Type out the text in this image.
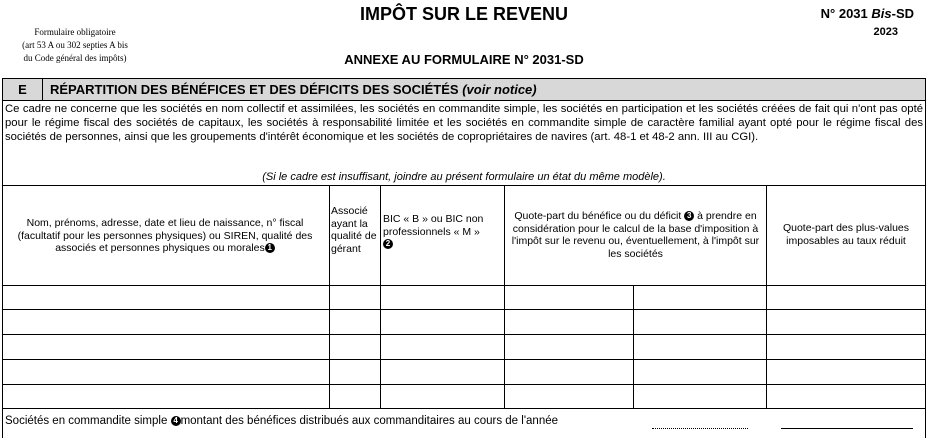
Formulaire obligatoire
(art 53 A ou 302 septies A bis
du Code général des impôts)
IMPÔT SUR LE REVENU
ANNEXE AU FORMULAIRE N° 2031-SD
N° 2031 Bis-SD
2023
E	RÉPARTITION DES BÉNÉFICES ET DES DÉFICITS DES SOCIÉTÉS (voir notice)
Ce cadre ne concerne que les sociétés en nom collectif et assimilées, les sociétés en commandite simple, les sociétés en participation et les sociétés créées de fait qui n'ont pas opté pour le régime fiscal des sociétés de capitaux, les sociétés à responsabilité limitée et les sociétés en commandite simple de caractère familial ayant opté pour le régime fiscal des sociétés de personnes, ainsi que les groupements d'intérêt économique et les sociétés de copropriétaires de navires (art. 48-1 et 48-2 ann. III au CGI).
(Si le cadre est insuffisant, joindre au présent formulaire un état du même modèle).
Nom, prénoms, adresse, date et lieu de naissance, n° fiscal (facultatif pour les personnes physiques) ou SIREN, qualité des associés et personnes physiques ou morales 1
Associé ayant la qualité de gérant
BIC « B » ou BIC non professionnels « M »
2
Quote-part du bénéfice ou du déficit 3 à prendre en considération pour le calcul de la base d'imposition à l'impôt sur le revenu ou, éventuellement, à l'impôt sur les sociétés
Quote-part des plus-values imposables au taux réduit
Sociétés en commandite simple 4 montant des bénéfices distribués aux commanditaires au cours de l'année
